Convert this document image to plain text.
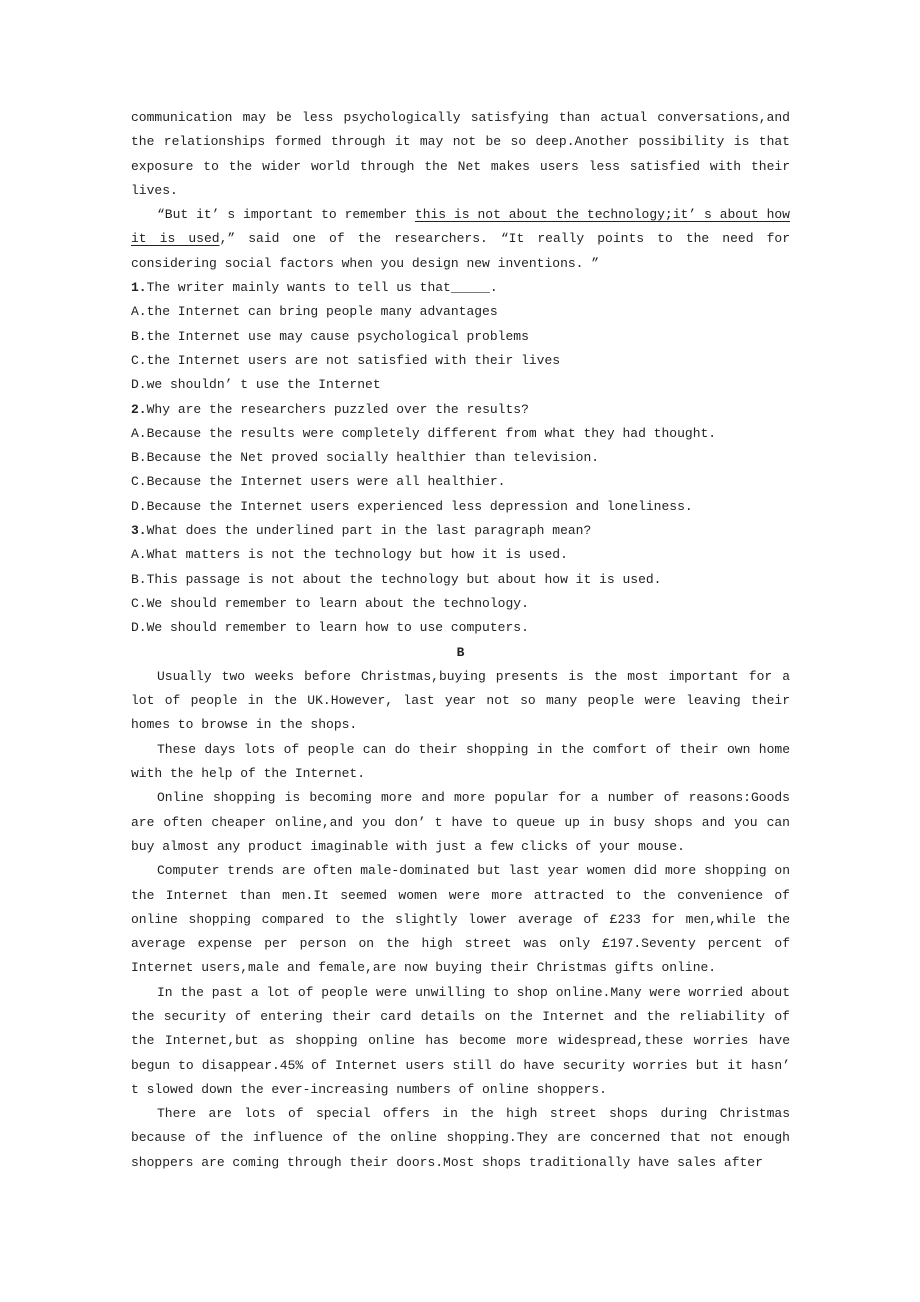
communication may be less psychologically satisfying than actual conversations,and the relationships formed through it may not be so deep.Another possibility is that exposure to the wider world through the Net makes users less satisfied with their lives.

“But it’ s important to remember this is not about the technology;it’ s about how it is used,” said one of the researchers. “It really points to the need for considering social factors when you design new inventions. ”

1.The writer mainly wants to tell us that_____.

A.the Internet can bring people many advantages

B.the Internet use may cause psychological problems

C.the Internet users are not satisfied with their lives

D.we shouldn’ t use the Internet

2.Why are the researchers puzzled over the results?

A.Because the results were completely different from what they had thought.

B.Because the Net proved socially healthier than television.

C.Because the Internet users were all healthier.

D.Because the Internet users experienced less depression and loneliness.

3.What does the underlined part in the last paragraph mean?

A.What matters is not the technology but how it is used.

B.This passage is not about the technology but about how it is used.

C.We should remember to learn about the technology.

D.We should remember to learn how to use computers.

B

Usually two weeks before Christmas,buying presents is the most important for a lot of people in the UK.However, last year not so many people were leaving their homes to browse in the shops.

These days lots of people can do their shopping in the comfort of their own home with the help of the Internet.

Online shopping is becoming more and more popular for a number of reasons:Goods are often cheaper online,and you don’ t have to queue up in busy shops and you can buy almost any product imaginable with just a few clicks of your mouse.

Computer trends are often male-dominated but last year women did more shopping on the Internet than men.It seemed women were more attracted to the convenience of online shopping compared to the slightly lower average of £233 for men,while the average expense per person on the high street was only £197.Seventy percent of Internet users,male and female,are now buying their Christmas gifts online.

In the past a lot of people were unwilling to shop online.Many were worried about the security of entering their card details on the Internet and the reliability of the Internet,but as shopping online has become more widespread,these worries have begun to disappear.45% of Internet users still do have security worries but it hasn’ t slowed down the ever-increasing numbers of online shoppers.

There are lots of special offers in the high street shops during Christmas because of the influence of the online shopping.They are concerned that not enough shoppers are coming through their doors.Most shops traditionally have sales after
